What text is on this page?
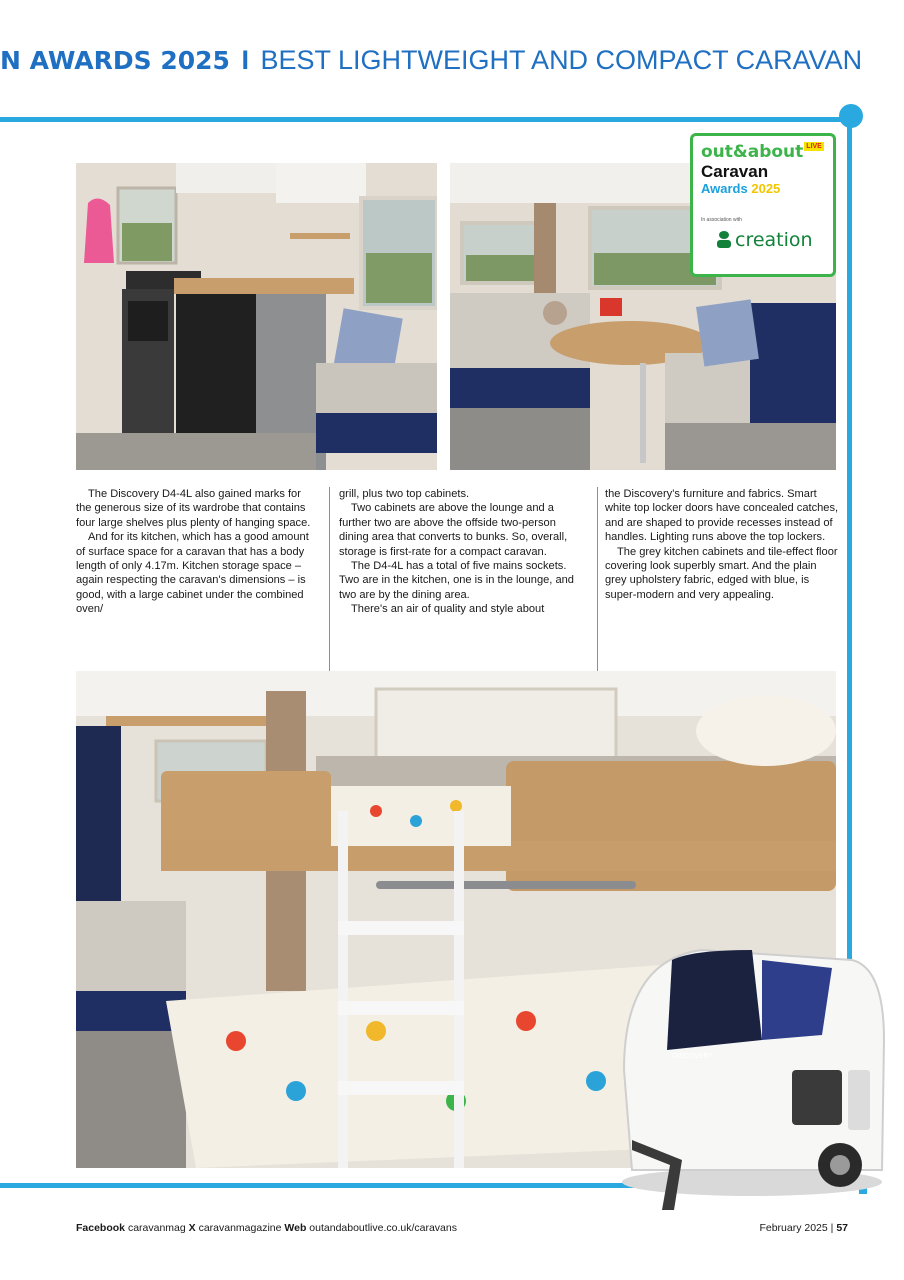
N AWARDS 2025 I BEST LIGHTWEIGHT AND COMPACT CARAVAN
out&about LIVE
Caravan
Awards 2025
In association with
creation

The Discovery D4-4L also gained marks for the generous size of its wardrobe that contains four large shelves plus plenty of hanging space.

And for its kitchen, which has a good amount of surface space for a caravan that has a body length of only 4.17m. Kitchen storage space – again respecting the caravan's dimensions – is good, with a large cabinet under the combined oven/

grill, plus two top cabinets.

Two cabinets are above the lounge and a further two are above the offside two-person dining area that converts to bunks. So, overall, storage is first-rate for a compact caravan.

The D4-4L has a total of five mains sockets. Two are in the kitchen, one is in the lounge, and two are by the dining area.

There's an air of quality and style about

the Discovery's furniture and fabrics. Smart white top locker doors have concealed catches, and are shaped to provide recesses instead of handles. Lighting runs above the top lockers.

The grey kitchen cabinets and tile-effect floor covering look superbly smart. And the plain grey upholstery fabric, edged with blue, is super-modern and very appealing.

DISCOVERY
Facebook caravanmag X caravanmagazine Web outandaboutlive.co.uk/caravans	February 2025 | 57
